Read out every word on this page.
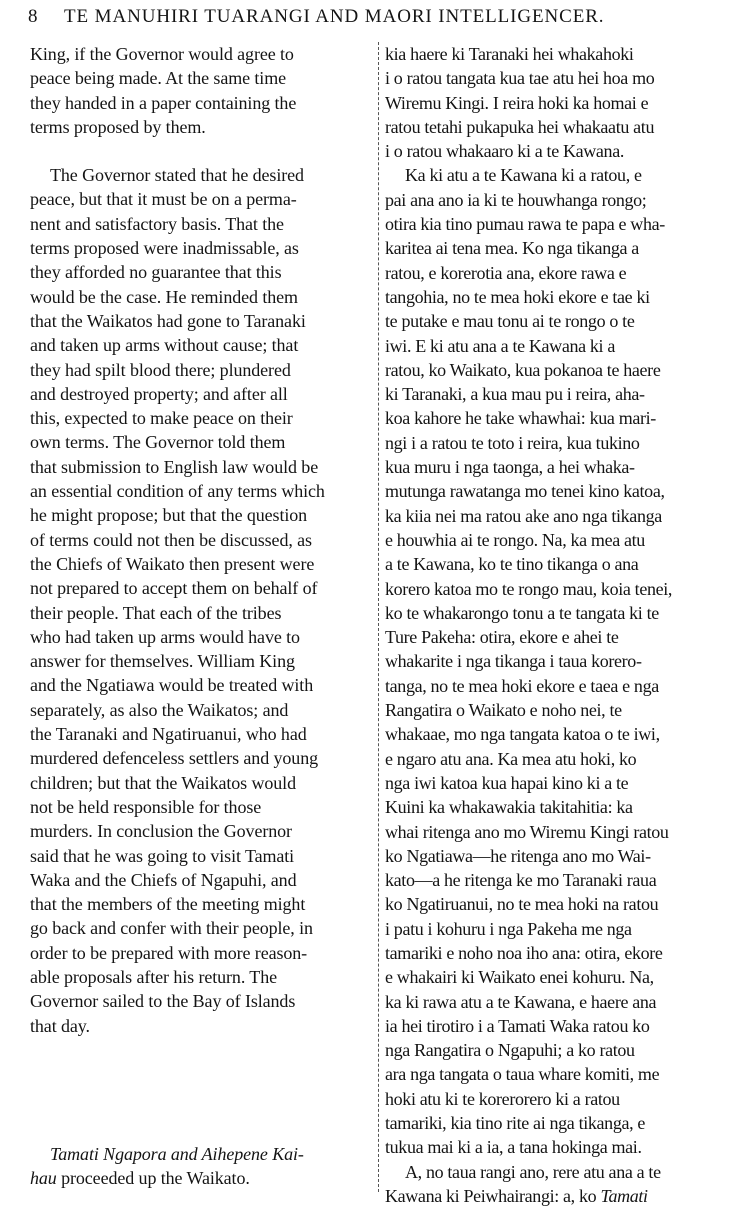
8 TE MANUHIRI TUARANGI AND MAORI INTELLIGENCER.
King, if the Governor would agree to
peace being made. At the same time
they handed in a paper containing the
terms proposed by them.
The Governor stated that he desired
peace, but that it must be on a perma-
nent and satisfactory basis. That the
terms proposed were inadmissable, as
they afforded no guarantee that this
would be the case. He reminded them
that the Waikatos had gone to Taranaki
and taken up arms without cause; that
they had spilt blood there; plundered
and destroyed property; and after all
this, expected to make peace on their
own terms. The Governor told them
that submission to English law would be
an essential condition of any terms which
he might propose; but that the question
of terms could not then be discussed, as
the Chiefs of Waikato then present were
not prepared to accept them on behalf of
their people. That each of the tribes
who had taken up arms would have to
answer for themselves. William King
and the Ngatiawa would be treated with
separately, as also the Waikatos; and
the Taranaki and Ngatiruanui, who had
murdered defenceless settlers and young
children; but that the Waikatos would
not be held responsible for those
murders. In conclusion the Governor
said that he was going to visit Tamati
Waka and the Chiefs of Ngapuhi, and
that the members of the meeting might
go back and confer with their people, in
order to be prepared with more reason-
able proposals after his return. The
Governor sailed to the Bay of Islands
that day.
Tamati Ngapora and Aihepene Kai-
hau proceeded up the Waikato.
kia haere ki Taranaki hei whakahoki
i o ratou tangata kua tae atu hei hoa mo
Wiremu Kingi. I reira hoki ka homai e
ratou tetahi pukapuka hei whakaatu atu
i o ratou whakaaro ki a te Kawana.
Ka ki atu a te Kawana ki a ratou, e
pai ana ano ia ki te houwhanga rongo;
otira kia tino pumau rawa te papa e wha-
karitea ai tena mea. Ko nga tikanga a
ratou, e korerotia ana, ekore rawa e
tangohia, no te mea hoki ekore e tae ki
te putake e mau tonu ai te rongo o te
iwi. E ki atu ana a te Kawana ki a
ratou, ko Waikato, kua pokanoa te haere
ki Taranaki, a kua mau pu i reira, aha-
koa kahore he take whawhai: kua mari-
ngi i a ratou te toto i reira, kua tukino
kua muru i nga taonga, a hei whaka-
mutunga rawatanga mo tenei kino katoa,
ka kiia nei ma ratou ake ano nga tikanga
e houwhia ai te rongo. Na, ka mea atu
a te Kawana, ko te tino tikanga o ana
korero katoa mo te rongo mau, koia tenei,
ko te whakarongo tonu a te tangata ki te
Ture Pakeha: otira, ekore e ahei te
whakarite i nga tikanga i taua korero-
tanga, no te mea hoki ekore e taea e nga
Rangatira o Waikato e noho nei, te
whakaae, mo nga tangata katoa o te iwi,
e ngaro atu ana. Ka mea atu hoki, ko
nga iwi katoa kua hapai kino ki a te
Kuini ka whakawakia takitahitia: ka
whai ritenga ano mo Wiremu Kingi ratou
ko Ngatiawa—he ritenga ano mo Wai-
kato—a he ritenga ke mo Taranaki raua
ko Ngatiruanui, no te mea hoki na ratou
i patu i kohuru i nga Pakeha me nga
tamariki e noho noa iho ana: otira, ekore
e whakairi ki Waikato enei kohuru. Na,
ka ki rawa atu a te Kawana, e haere ana
ia hei tirotiro i a Tamati Waka ratou ko
nga Rangatira o Ngapuhi; a ko ratou
ara nga tangata o taua whare komiti, me
hoki atu ki te korerorero ki a ratou
tamariki, kia tino rite ai nga tikanga, e
tukua mai ki a ia, a tana hokinga mai.
A, no taua rangi ano, rere atu ana a te
Kawana ki Peiwhairangi: a, ko Tamati
